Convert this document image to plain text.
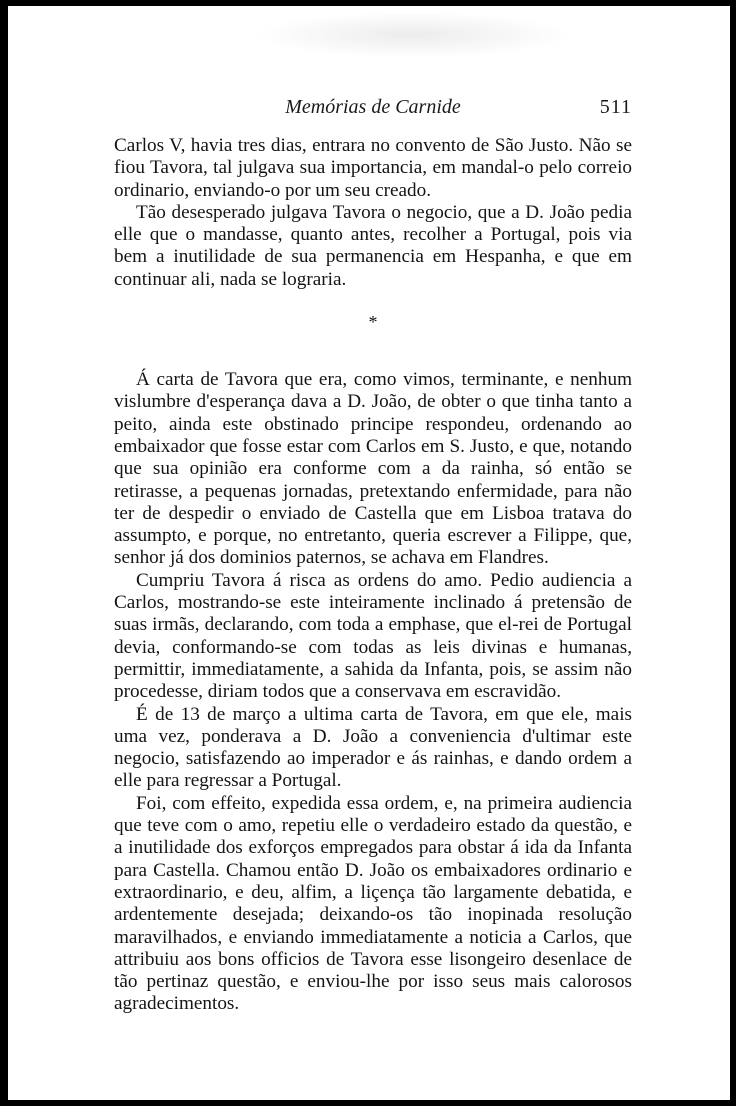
Memórias de Carnide	511

Carlos V, havia tres dias, entrara no convento de São Justo. Não se fiou Tavora, tal julgava sua importancia, em mandal-o pelo correio ordinario, enviando-o por um seu creado.

Tão desesperado julgava Tavora o negocio, que a D. João pedia elle que o mandasse, quanto antes, recolher a Portugal, pois via bem a inutilidade de sua permanencia em Hespanha, e que em continuar ali, nada se lograria.

*

Á carta de Tavora que era, como vimos, terminante, e nenhum vislumbre d'esperança dava a D. João, de obter o que tinha tanto a peito, ainda este obstinado principe respondeu, ordenando ao embaixador que fosse estar com Carlos em S. Justo, e que, notando que sua opinião era conforme com a da rainha, só então se retirasse, a pequenas jornadas, pretextando enfermidade, para não ter de despedir o enviado de Castella que em Lisboa tratava do assumpto, e porque, no entretanto, queria escrever a Filippe, que, senhor já dos dominios paternos, se achava em Flandres.

Cumpriu Tavora á risca as ordens do amo. Pedio audiencia a Carlos, mostrando-se este inteiramente inclinado á pretensão de suas irmãs, declarando, com toda a emphase, que el-rei de Portugal devia, conformando-se com todas as leis divinas e humanas, permittir, immediatamente, a sahida da Infanta, pois, se assim não procedesse, diriam todos que a conservava em escravidão.

É de 13 de março a ultima carta de Tavora, em que ele, mais uma vez, ponderava a D. João a conveniencia d'ultimar este negocio, satisfazendo ao imperador e ás rainhas, e dando ordem a elle para regressar a Portugal.

Foi, com effeito, expedida essa ordem, e, na primeira audiencia que teve com o amo, repetiu elle o verdadeiro estado da questão, e a inutilidade dos exforços empregados para obstar á ida da Infanta para Castella. Chamou então D. João os embaixadores ordinario e extraordinario, e deu, alfim, a liçença tão largamente debatida, e ardentemente desejada; deixando-os tão inopinada resolução maravilhados, e enviando immediatamente a noticia a Carlos, que attribuiu aos bons officios de Tavora esse lisongeiro desenlace de tão pertinaz questão, e enviou-lhe por isso seus mais calorosos agradecimentos.
